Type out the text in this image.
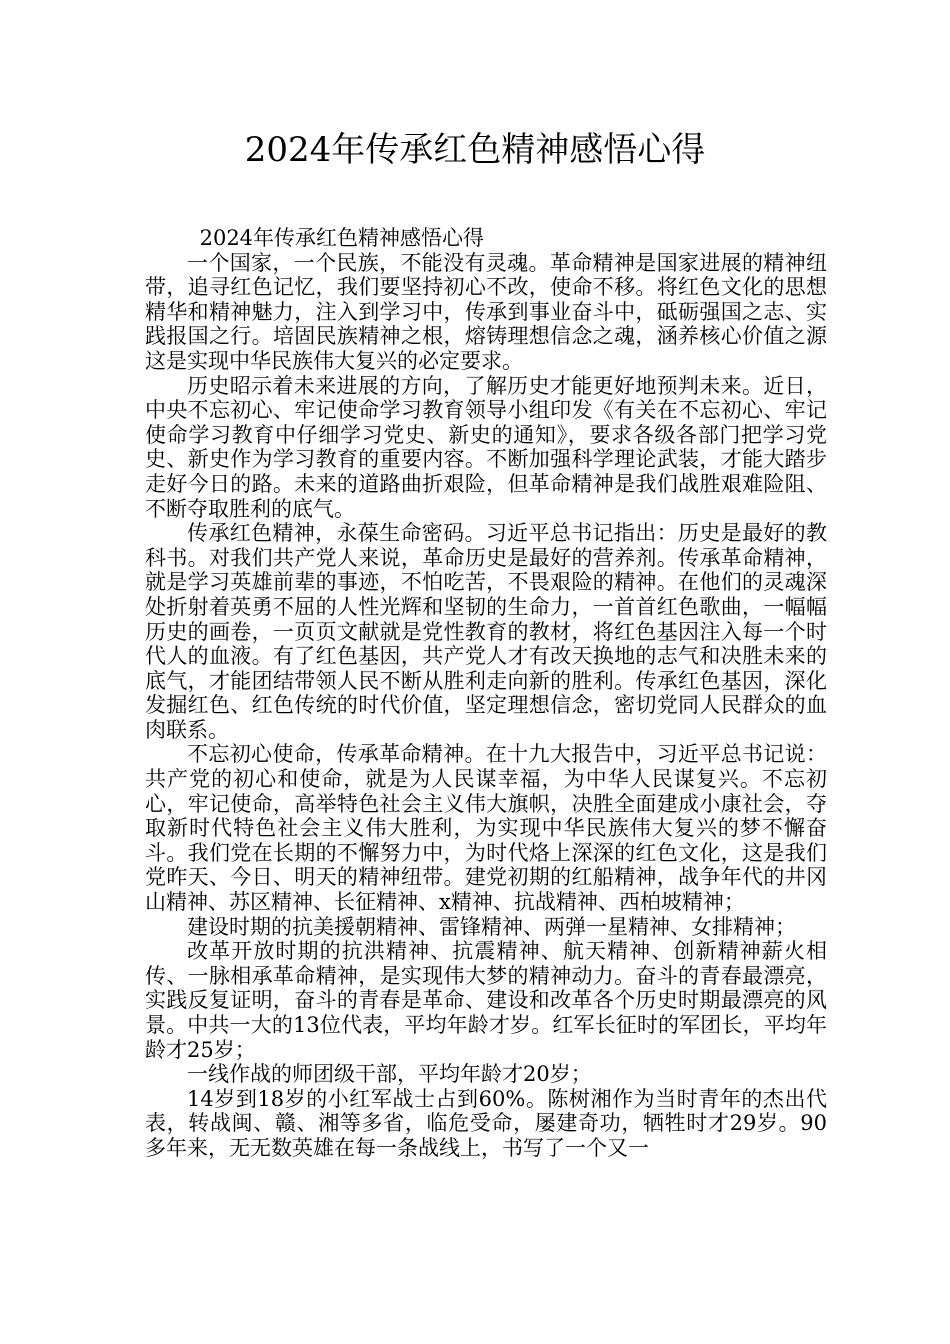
2024年传承红色精神感悟心得

2024年传承红色精神感悟心得

一个国家，一个民族，不能没有灵魂。革命精神是国家进展的精神纽带，追寻红色记忆，我们要坚持初心不改，使命不移。将红色文化的思想精华和精神魅力，注入到学习中，传承到事业奋斗中，砥砺强国之志、实践报国之行。培固民族精神之根，熔铸理想信念之魂，涵养核心价值之源这是实现中华民族伟大复兴的必定要求。

历史昭示着未来进展的方向，了解历史才能更好地预判未来。近日，中央不忘初心、牢记使命学习教育领导小组印发《有关在不忘初心、牢记使命学习教育中仔细学习党史、新史的通知》，要求各级各部门把学习党史、新史作为学习教育的重要内容。不断加强科学理论武装，才能大踏步走好今日的路。未来的道路曲折艰险，但革命精神是我们战胜艰难险阻、不断夺取胜利的底气。

传承红色精神，永葆生命密码。习近平总书记指出：历史是最好的教科书。对我们共产党人来说，革命历史是最好的营养剂。传承革命精神，就是学习英雄前辈的事迹，不怕吃苦，不畏艰险的精神。在他们的灵魂深处折射着英勇不屈的人性光辉和坚韧的生命力，一首首红色歌曲，一幅幅历史的画卷，一页页文献就是党性教育的教材，将红色基因注入每一个时代人的血液。有了红色基因，共产党人才有改天换地的志气和决胜未来的底气，才能团结带领人民不断从胜利走向新的胜利。传承红色基因，深化发掘红色、红色传统的时代价值，坚定理想信念，密切党同人民群众的血肉联系。

不忘初心使命，传承革命精神。在十九大报告中，习近平总书记说：共产党的初心和使命，就是为人民谋幸福，为中华人民谋复兴。不忘初心，牢记使命，高举特色社会主义伟大旗帜，决胜全面建成小康社会，夺取新时代特色社会主义伟大胜利，为实现中华民族伟大复兴的梦不懈奋斗。我们党在长期的不懈努力中，为时代烙上深深的红色文化，这是我们党昨天、今日、明天的精神纽带。建党初期的红船精神，战争年代的井冈山精神、苏区精神、长征精神、x精神、抗战精神、西柏坡精神；

建设时期的抗美援朝精神、雷锋精神、两弹一星精神、女排精神；

改革开放时期的抗洪精神、抗震精神、航天精神、创新精神薪火相传、一脉相承革命精神，是实现伟大梦的精神动力。奋斗的青春最漂亮，实践反复证明，奋斗的青春是革命、建设和改革各个历史时期最漂亮的风景。中共一大的13位代表，平均年龄才岁。红军长征时的军团长，平均年龄才25岁；

一线作战的师团级干部，平均年龄才20岁；

14岁到18岁的小红军战士占到60%。陈树湘作为当时青年的杰出代表，转战闽、赣、湘等多省，临危受命，屡建奇功，牺牲时才29岁。90多年来，无无数英雄在每一条战线上，书写了一个又一
